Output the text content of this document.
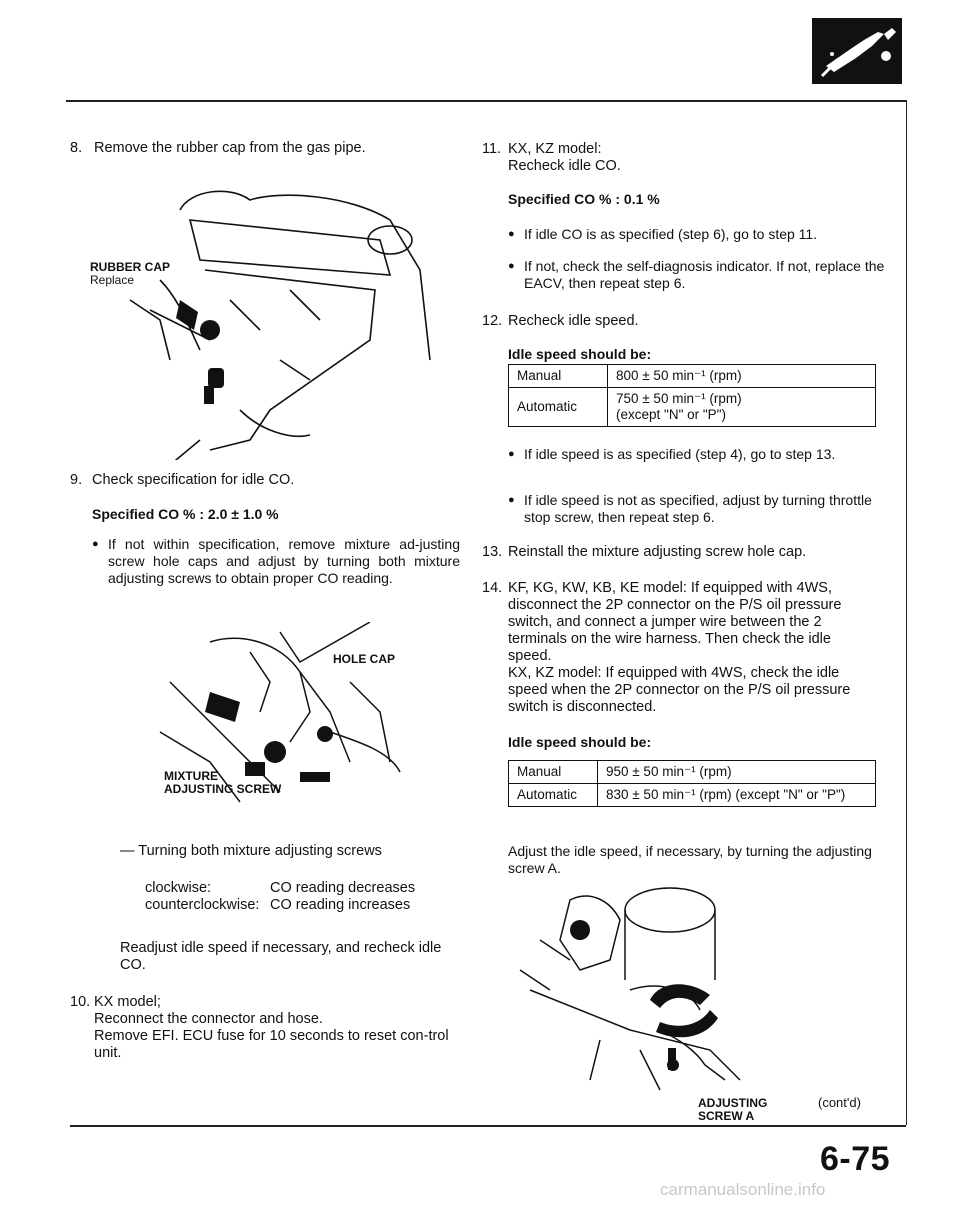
8. Remove the rubber cap from the gas pipe.
RUBBER CAP
Replace
9. Check specification for idle CO.
Specified CO % : 2.0 ± 1.0 %
● If not within specification, remove mixture ad-justing screw hole caps and adjust by turning both mixture adjusting screws to obtain proper CO reading.
HOLE CAP
MIXTURE
ADJUSTING SCREW
— Turning both mixture adjusting screws
clockwise:	CO reading decreases
counterclockwise: CO reading increases
Readjust idle speed if necessary, and recheck idle CO.
10. KX model;
Reconnect the connector and hose.
Remove EFI. ECU fuse for 10 seconds to reset con-trol unit.
11. KX, KZ model:
Recheck idle CO.
Specified CO % : 0.1 %
● If idle CO is as specified (step 6), go to step 11.
● If not, check the self-diagnosis indicator. If not, replace the EACV, then repeat step 6.
12. Recheck idle speed.
Idle speed should be:
Manual	800 ± 50 min⁻¹ (rpm)
Automatic	750 ± 50 min⁻¹ (rpm)
(except "N" or "P")
● If idle speed is as specified (step 4), go to step 13.
● If idle speed is not as specified, adjust by turning throttle stop screw, then repeat step 6.
13. Reinstall the mixture adjusting screw hole cap.
14. KF, KG, KW, KB, KE model: If equipped with 4WS, disconnect the 2P connector on the P/S oil pressure switch, and connect a jumper wire between the 2 terminals on the wire harness. Then check the idle speed.
KX, KZ model: If equipped with 4WS, check the idle speed when the 2P connector on the P/S oil pressure switch is disconnected.
Idle speed should be:
Manual	950 ± 50 min⁻¹ (rpm)
Automatic	830 ± 50 min⁻¹ (rpm) (except "N" or "P")
Adjust the idle speed, if necessary, by turning the adjusting screw A.
ADJUSTING
SCREW A
(cont'd)
6-75
carmanualsonline.info
